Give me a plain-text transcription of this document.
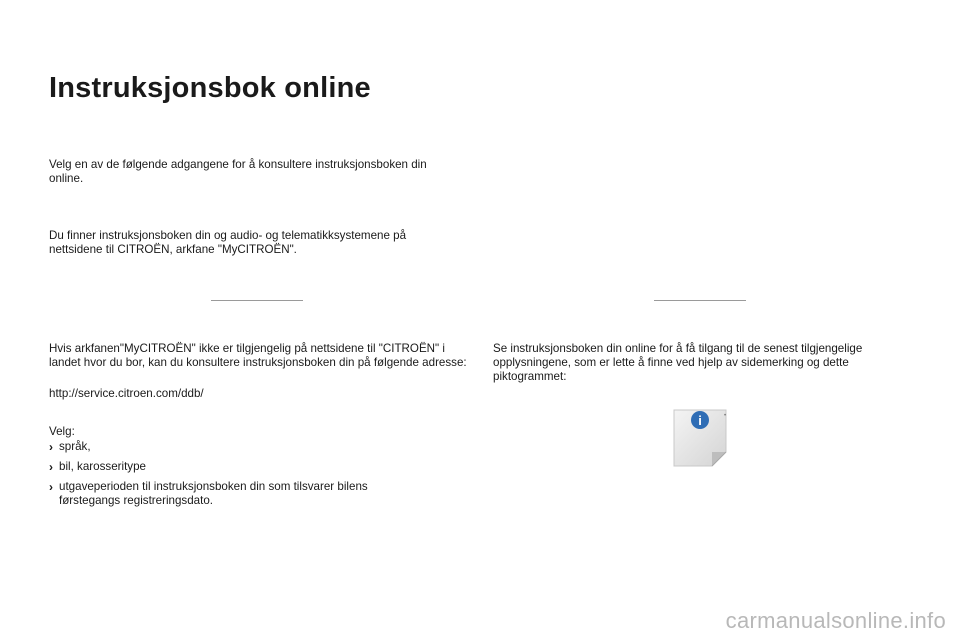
Instruksjonsbok online
Velg en av de følgende adgangene for å konsultere instruksjonsboken din online.
Du finner instruksjonsboken din og audio- og telematikksystemene på nettsidene til CITROËN, arkfane "MyCITROËN".
Hvis arkfanen"MyCITROËN" ikke er tilgjengelig på nettsidene til "CITROËN" i landet hvor du bor, kan du konsultere instruksjonsboken din på følgende adresse:
http://service.citroen.com/ddb/
Velg:
› språk,
› bil, karosseritype
› utgaveperioden til instruksjonsboken din som tilsvarer bilens førstegangs registreringsdato.
Se instruksjonsboken din online for å få tilgang til de senest tilgjengelige opplysningene, som er lette å finne ved hjelp av sidemerking og dette piktogrammet:
i	•
carmanualsonline.info
